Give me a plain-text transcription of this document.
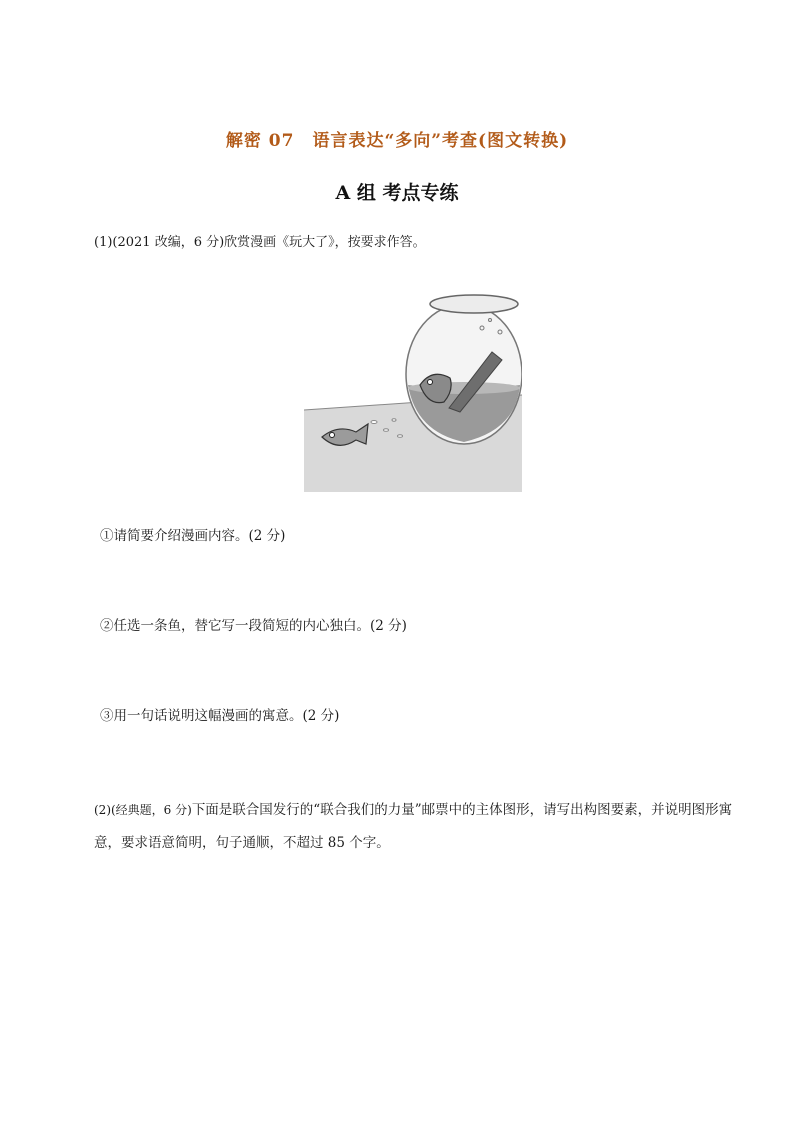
解密 07　语言表达“多向”考查(图文转换)
A 组 考点专练
(1)(2021 改编，6 分)欣赏漫画《玩大了》，按要求作答。
①请简要介绍漫画内容。(2 分)
②任选一条鱼，替它写一段简短的内心独白。(2 分)
③用一句话说明这幅漫画的寓意。(2 分)
(2)(经典题，6 分)下面是联合国发行的“联合我们的力量”邮票中的主体图形，请写出构图要素，并说明图形寓意，要求语意简明，句子通顺，不超过 85 个字。
